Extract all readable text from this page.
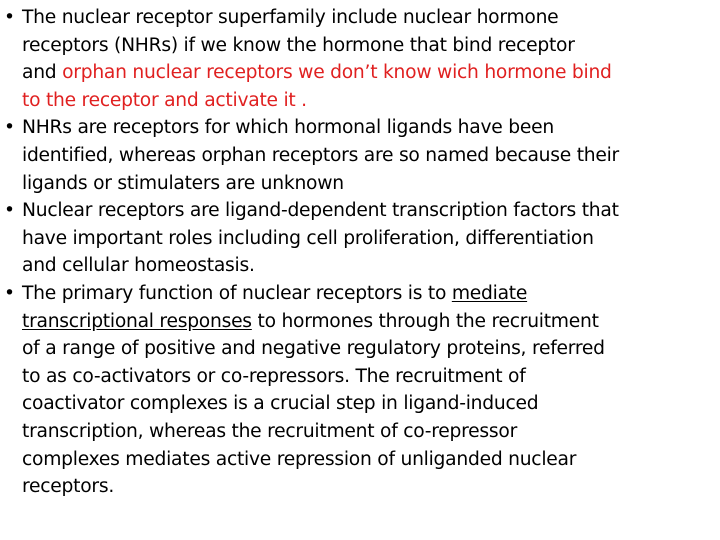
• The nuclear receptor superfamily include nuclear hormone
receptors (NHRs) if we know the hormone that bind receptor
and orphan nuclear receptors we don’t know wich hormone bind
to the receptor and activate it .
• NHRs are receptors for which hormonal ligands have been
identified, whereas orphan receptors are so named because their
ligands or stimulaters are unknown
• Nuclear receptors are ligand-dependent transcription factors that
have important roles including cell proliferation, differentiation
and cellular homeostasis.
• The primary function of nuclear receptors is to mediate
transcriptional responses to hormones through the recruitment
of a range of positive and negative regulatory proteins, referred
to as co-activators or co-repressors. The recruitment of
coactivator complexes is a crucial step in ligand-induced
transcription, whereas the recruitment of co-repressor
complexes mediates active repression of unliganded nuclear
receptors.
